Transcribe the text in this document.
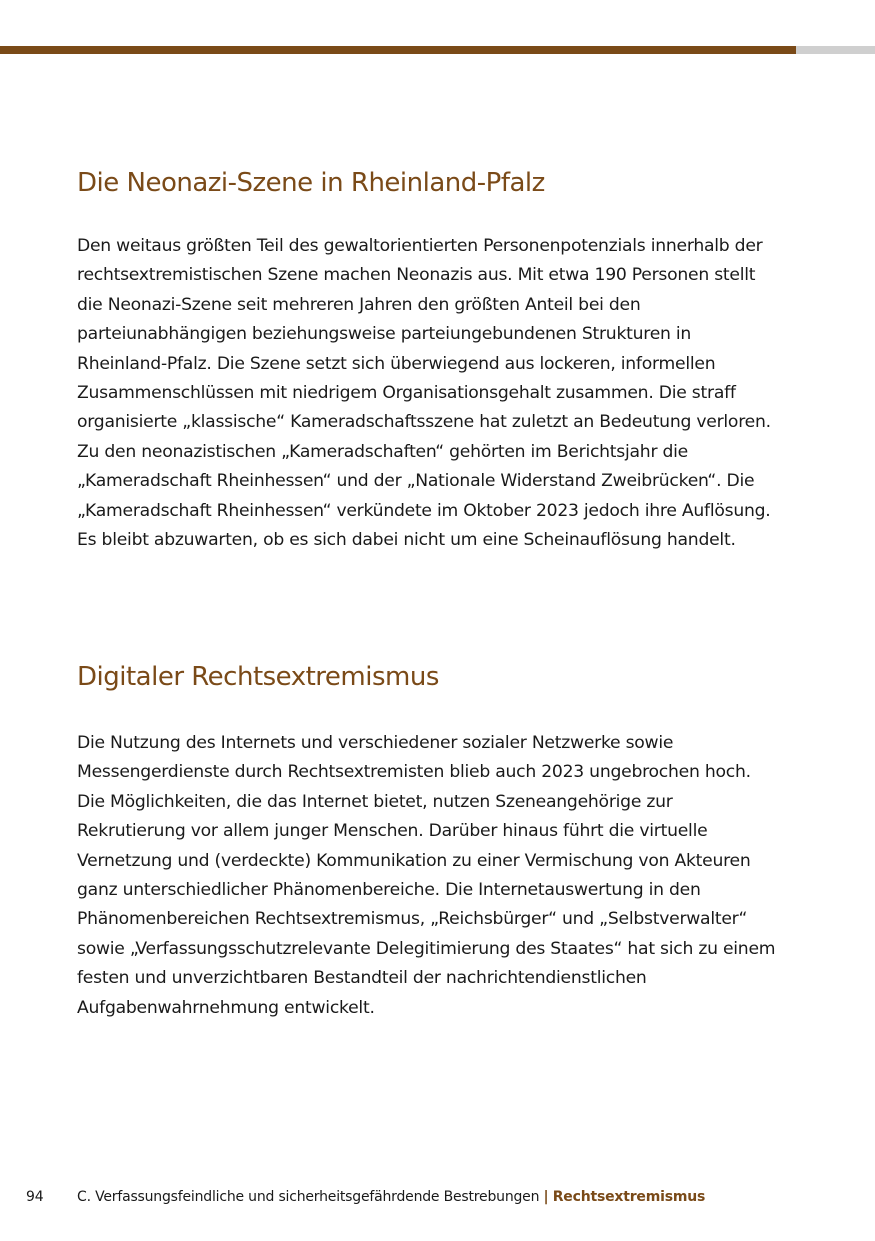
Die Neonazi-Szene in Rheinland-Pfalz

Den weitaus größten Teil des gewaltorientierten Personenpotenzials innerhalb der rechtsextremistischen Szene machen Neonazis aus. Mit etwa 190 Personen stellt die Neonazi-Szene seit mehreren Jahren den größten Anteil bei den parteiunabhängigen beziehungsweise parteiungebundenen Strukturen in Rheinland-Pfalz. Die Szene setzt sich überwiegend aus lockeren, informellen Zusammenschlüssen mit niedrigem Organisationsgehalt zusammen. Die straff organisierte „klassische“ Kameradschaftsszene hat zuletzt an Bedeutung verloren. Zu den neonazistischen „Kameradschaften“ gehörten im Berichtsjahr die „Kameradschaft Rheinhessen“ und der „Nationale Widerstand Zweibrücken“. Die „Kameradschaft Rheinhessen“ verkündete im Oktober 2023 jedoch ihre Auflösung. Es bleibt abzuwarten, ob es sich dabei nicht um eine Scheinauflösung handelt.

Digitaler Rechtsextremismus

Die Nutzung des Internets und verschiedener sozialer Netzwerke sowie Messengerdienste durch Rechtsextremisten blieb auch 2023 ungebrochen hoch. Die Möglichkeiten, die das Internet bietet, nutzen Szeneangehörige zur Rekrutierung vor allem junger Menschen. Darüber hinaus führt die virtuelle Vernetzung und (verdeckte) Kommunikation zu einer Vermischung von Akteuren ganz unterschiedlicher Phänomenbereiche. Die Internetauswertung in den Phänomenbereichen Rechtsextremismus, „Reichsbürger“ und „Selbstverwalter“ sowie „Verfassungsschutzrelevante Delegitimierung des Staates“ hat sich zu einem festen und unverzichtbaren Bestandteil der nachrichtendienstlichen Aufgabenwahrnehmung entwickelt.

94 C. Verfassungsfeindliche und sicherheitsgefährdende Bestrebungen | Rechtsextremismus
